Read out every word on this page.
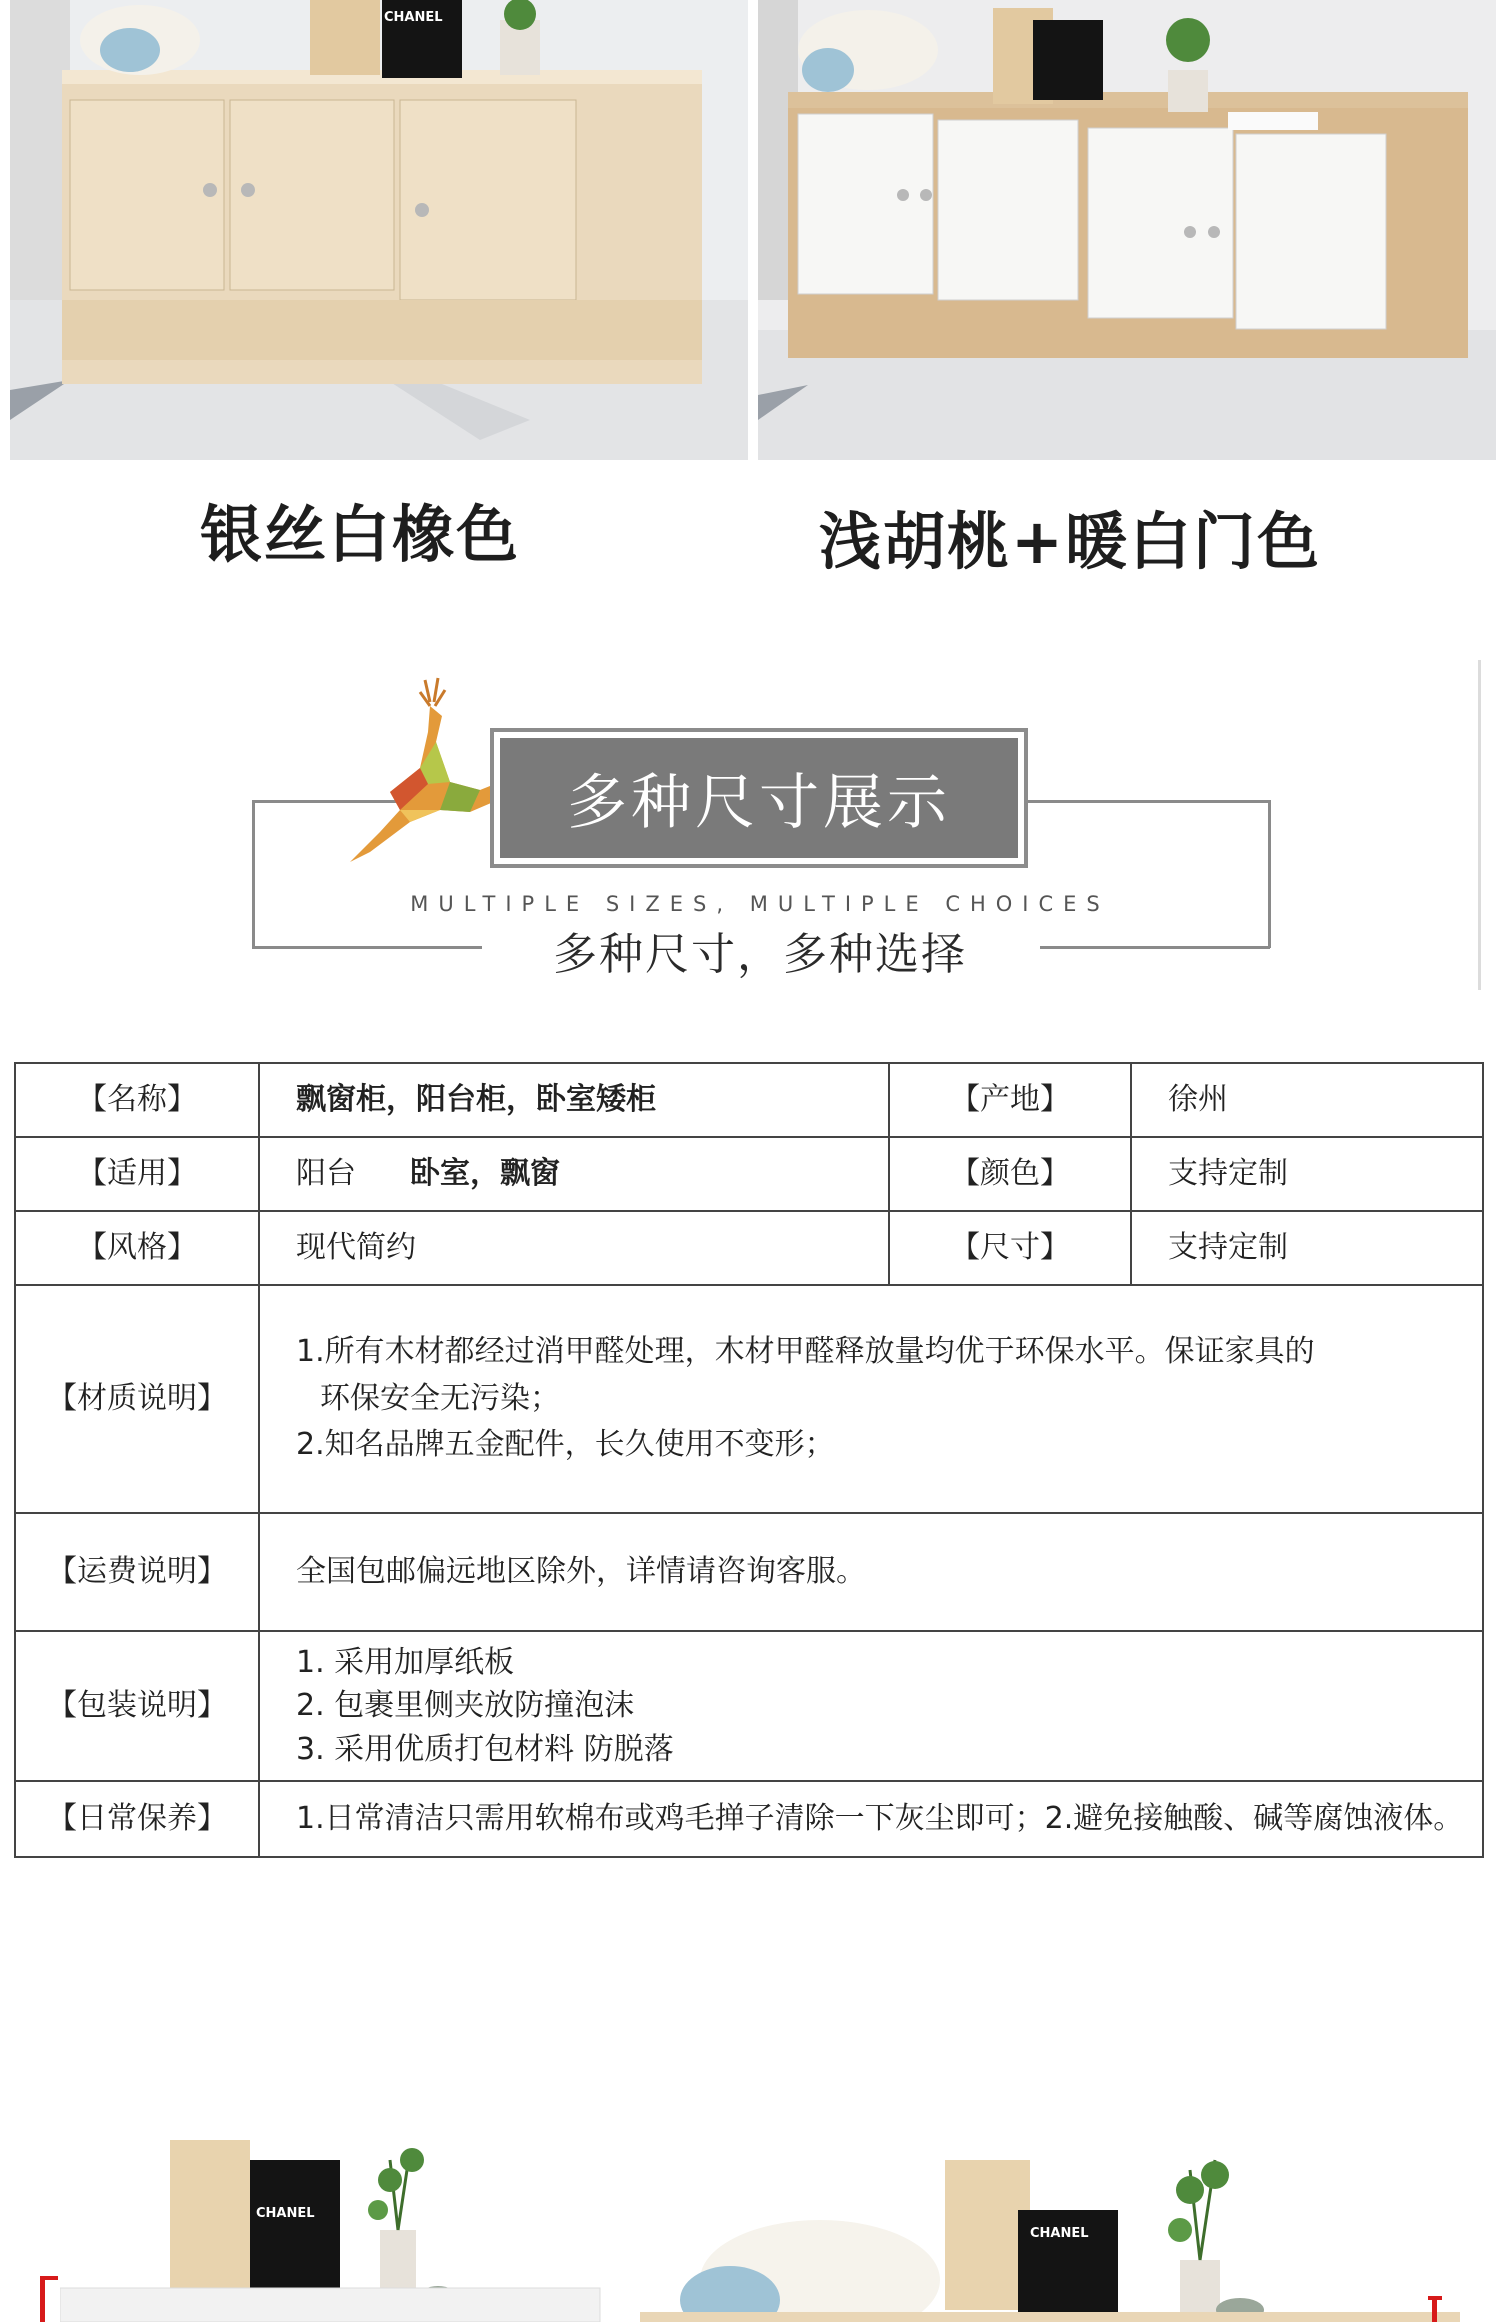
CHANEL
银丝白橡色	浅胡桃+暖白门色
多种尺寸展示
MULTIPLE SIZES, MULTIPLE CHOICES
多种尺寸，多种选择
【名称】	飘窗柜，阳台柜，卧室矮柜	【产地】	徐州
【适用】	阳台 卧室，飘窗	【颜色】	支持定制
【风格】	现代简约	【尺寸】	支持定制
【材质说明】	1.所有木材都经过消甲醛处理，木材甲醛释放量均优于环保水平。保证家具的
环保安全无污染；
2.知名品牌五金配件，长久使用不变形；		

【运费说明】	全国包邮偏远地区除外，详情请咨询客服。		
【包装说明】	1. 采用加厚纸板
2. 包裹里侧夹放防撞泡沫
3. 采用优质打包材料 防脱落		

【日常保养】	1.日常清洁只需用软棉布或鸡毛掸子清除一下灰尘即可；2.避免接触酸、碱等腐蚀液体。		
CHANEL
CHANEL
